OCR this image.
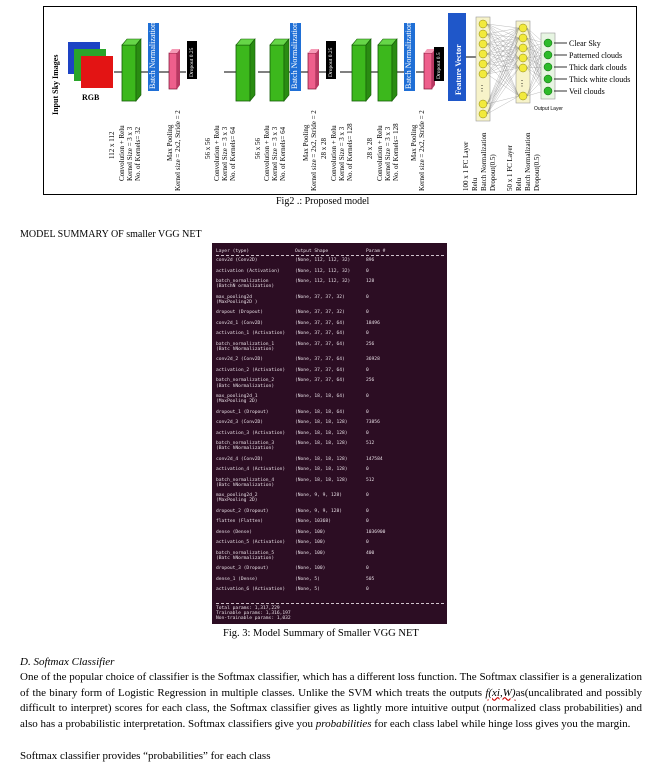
Input Sky Images	RGB
Feature Vector ⋮
⋮
Output Layer
Clear Sky
Patterned clouds
Thick dark clouds
Thick white clouds
Veil clouds
Batch Normalization	Batch Normalization	Batch Normalization
Dropout 0.25	Dropout 0.25	Dropout 0.5
112 x 112 Convolution + Relu Kernel Size = 3 x 3 No. of Kernels= 32	Max Pooling Kernel size = 2x2, Stride = 2	56 x 56 Convolution + Relu Kernel Size = 3 x 3 No. of Kernels= 64 56 x 56 Convolution + Relu Kernel Size = 3 x 3 No. of Kernels= 64 Max Pooling Kernel size = 2x2, Stride = 2 28 x 28 Convolution + Relu Kernel Size = 3 x 3 No. of Kernels= 128 28 x 28 Convolution + Relu Kernel Size = 3 x 3 No. of Kernels= 128 Max Pooling Kernel size = 2x2, Stride = 2	100 x 1 FC Layer Relu Batch Normalization Dropout(0.5) 50 x 1 FC Layer Relu Batch Normalization Dropout(0.5)
Fig2 .: Proposed model
MODEL SUMMARY OF smaller VGG NET
Layer (type)	Output Shape	Param #
conv2d (Conv2D)	(None, 112, 112, 32)	896
activation (Activation)	(None, 112, 112, 32)	0
batch_normalization (BatchN ormalization)
(None, 112, 112, 32)	128
max_pooling2d (MaxPooling2D )
(None, 37, 37, 32)	0
dropout (Dropout)	(None, 37, 37, 32)	0
conv2d_1 (Conv2D)	(None, 37, 37, 64)	18496
activation_1 (Activation)	(None, 37, 37, 64)	0
batch_normalization_1 (Batc hNormalization)
(None, 37, 37, 64)	256
conv2d_2 (Conv2D)	(None, 37, 37, 64)	36928
activation_2 (Activation)	(None, 37, 37, 64)	0
batch_normalization_2 (Batc hNormalization)
(None, 37, 37, 64)	256
max_pooling2d_1 (MaxPooling 2D)
(None, 18, 18, 64)	0
dropout_1 (Dropout)	(None, 18, 18, 64)	0
conv2d_3 (Conv2D)	(None, 18, 18, 128)	73856
activation_3 (Activation)	(None, 18, 18, 128)	0
batch_normalization_3 (Batc hNormalization)
(None, 18, 18, 128)	512
conv2d_4 (Conv2D)	(None, 18, 18, 128)	147584
activation_4 (Activation)	(None, 18, 18, 128)	0
batch_normalization_4 (Batc hNormalization)
(None, 18, 18, 128)	512
max_pooling2d_2 (MaxPooling 2D)
(None, 9, 9, 128)	0
dropout_2 (Dropout)	(None, 9, 9, 128)	0
flatten (Flatten)	(None, 10368)	0
dense (Dense)	(None, 100)	1036900
activation_5 (Activation)	(None, 100)	0
batch_normalization_5 (Batc hNormalization)
(None, 100)	400
dropout_3 (Dropout)	(None, 100)	0
dense_1 (Dense)	(None, 5)	505
activation_6 (Activation)	(None, 5)	0
Total params: 1,317,229
Trainable params: 1,316,197
Non-trainable params: 1,032
Fig. 3: Model Summary of Smaller VGG NET
D. Softmax Classifier
One of the popular choice of classifier is the Softmax classifier, which has a different loss function. The Softmax classifier is a generalization of the binary form of Logistic Regression in multiple classes. Unlike the SVM which treats the outputs f(xi,W)as(uncalibrated and possibly difficult to interpret) scores for each class, the Softmax classifier gives as lightly more intuitive output (normalized class probabilities) and also has a probabilistic interpretation. Softmax classifiers give you probabilities for each class label while hinge loss gives you the margin.
Softmax classifier provides “probabilities” for each class
